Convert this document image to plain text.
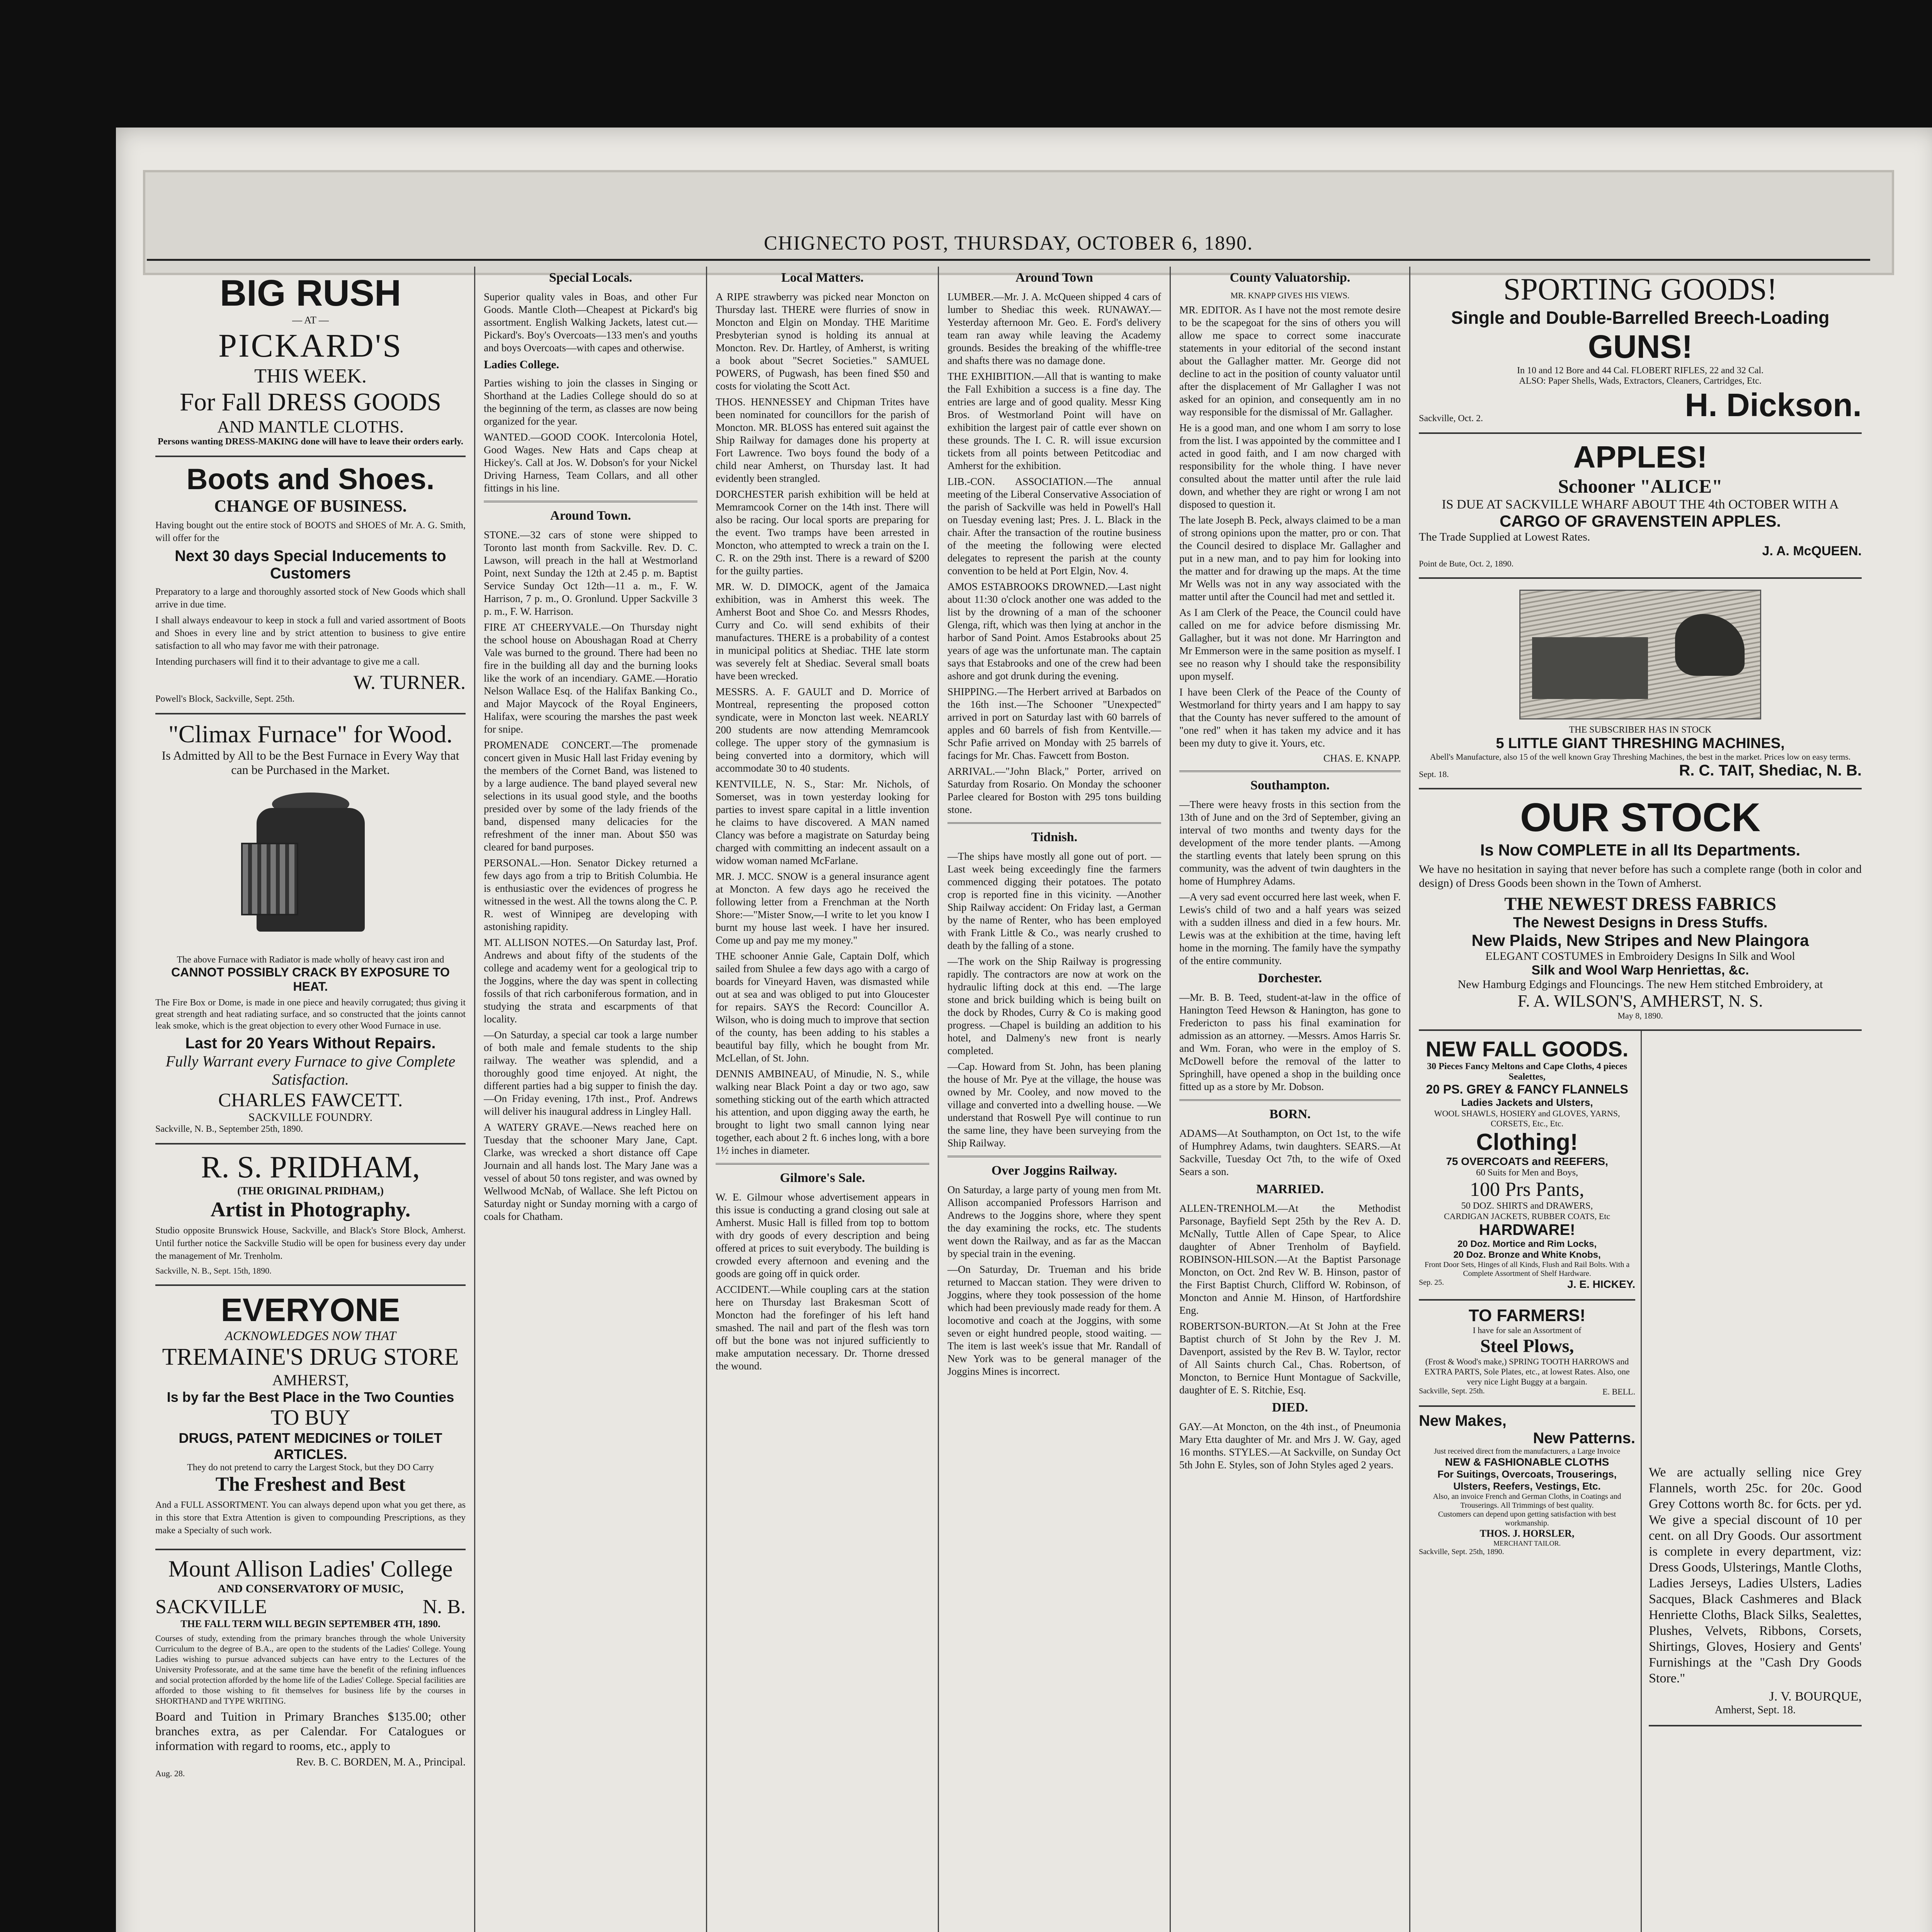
CHIGNECTO POST, THURSDAY, OCTOBER 6, 1890.
BIG RUSH
— AT —
PICKARD'S
THIS WEEK.
For Fall DRESS GOODS
AND MANTLE CLOTHS.
Persons wanting DRESS-MAKING done will have to leave their orders early.
Boots and Shoes.
CHANGE OF BUSINESS.
Having bought out the entire stock of BOOTS and SHOES of Mr. A. G. Smith, will offer for the
Next 30 days Special Inducements to Customers
Preparatory to a large and thoroughly assorted stock of New Goods which shall arrive in due time.
I shall always endeavour to keep in stock a full and varied assortment of Boots and Shoes in every line and by strict attention to business to give entire satisfaction to all who may favor me with their patronage.
Intending purchasers will find it to their advantage to give me a call.
W. TURNER.
Powell's Block, Sackville, Sept. 25th.
"Climax Furnace" for Wood.
Is Admitted by All to be the Best Furnace in Every Way that can be Purchased in the Market.
The above Furnace with Radiator is made wholly of heavy cast iron and
CANNOT POSSIBLY CRACK BY EXPOSURE TO HEAT.
The Fire Box or Dome, is made in one piece and heavily corrugated; thus giving it great strength and heat radiating surface, and so constructed that the joints cannot leak smoke, which is the great objection to every other Wood Furnace in use.
Last for 20 Years Without Repairs.
Fully Warrant every Furnace to give Complete Satisfaction.
CHARLES FAWCETT.
SACKVILLE FOUNDRY.
Sackville, N. B., September 25th, 1890.
R. S. PRIDHAM,
(THE ORIGINAL PRIDHAM,)
Artist in Photography.
Studio opposite Brunswick House, Sackville, and Black's Store Block, Amherst. Until further notice the Sackville Studio will be open for business every day under the management of Mr. Trenholm.
Sackville, N. B., Sept. 15th, 1890.
EVERYONE
ACKNOWLEDGES NOW THAT
TREMAINE'S DRUG STORE
AMHERST,
Is by far the Best Place in the Two Counties
TO BUY
DRUGS, PATENT MEDICINES or TOILET ARTICLES.
They do not pretend to carry the Largest Stock, but they DO Carry
The Freshest and Best
And a FULL ASSORTMENT. You can always depend upon what you get there, as in this store that Extra Attention is given to compounding Prescriptions, as they make a Specialty of such work.
Mount Allison Ladies' College
AND CONSERVATORY OF MUSIC,
SACKVILLE	N. B.
THE FALL TERM WILL BEGIN SEPTEMBER 4TH, 1890.
Courses of study, extending from the primary branches through the whole University Curriculum to the degree of B.A., are open to the students of the Ladies' College. Young Ladies wishing to pursue advanced subjects can have entry to the Lectures of the University Professorate, and at the same time have the benefit of the refining influences and social protection afforded by the home life of the Ladies' College. Special facilities are afforded to those wishing to fit themselves for business life by the courses in SHORTHAND and TYPE WRITING.
Board and Tuition in Primary Branches $135.00; other branches extra, as per Calendar. For Catalogues or information with regard to rooms, etc., apply to
Rev. B. C. BORDEN, M. A., Principal.
Aug. 28.
Special Locals.
Superior quality vales in Boas, and other Fur Goods. Mantle Cloth—Cheapest at Pickard's big assortment. English Walking Jackets, latest cut.—Pickard's. Boy's Overcoats—133 men's and youths and boys Overcoats—with capes and otherwise.
Ladies College.
Parties wishing to join the classes in Singing or Shorthand at the Ladies College should do so at the beginning of the term, as classes are now being organized for the year.
WANTED.—GOOD COOK. Intercolonia Hotel, Good Wages. New Hats and Caps cheap at Hickey's. Call at Jos. W. Dobson's for your Nickel Driving Harness, Team Collars, and all other fittings in his line.
Around Town.
STONE.—32 cars of stone were shipped to Toronto last month from Sackville. Rev. D. C. Lawson, will preach in the hall at Westmorland Point, next Sunday the 12th at 2.45 p. m. Baptist Service Sunday Oct 12th—11 a. m., F. W. Harrison, 7 p. m., O. Gronlund. Upper Sackville 3 p. m., F. W. Harrison.
FIRE AT CHEERYVALE.—On Thursday night the school house on Aboushagan Road at Cherry Vale was burned to the ground. There had been no fire in the building all day and the burning looks like the work of an incendiary. GAME.—Horatio Nelson Wallace Esq. of the Halifax Banking Co., and Major Maycock of the Royal Engineers, Halifax, were scouring the marshes the past week for snipe.
PROMENADE CONCERT.—The promenade concert given in Music Hall last Friday evening by the members of the Cornet Band, was listened to by a large audience. The band played several new selections in its usual good style, and the booths presided over by some of the lady friends of the band, dispensed many delicacies for the refreshment of the inner man. About $50 was cleared for band purposes.
PERSONAL.—Hon. Senator Dickey returned a few days ago from a trip to British Columbia. He is enthusiastic over the evidences of progress he witnessed in the west. All the towns along the C. P. R. west of Winnipeg are developing with astonishing rapidity.
MT. ALLISON NOTES.—On Saturday last, Prof. Andrews and about fifty of the students of the college and academy went for a geological trip to the Joggins, where the day was spent in collecting fossils of that rich carboniferous formation, and in studying the strata and escarpments of that locality.
—On Saturday, a special car took a large number of both male and female students to the ship railway. The weather was splendid, and a thoroughly good time enjoyed. At night, the different parties had a big supper to finish the day. —On Friday evening, 17th inst., Prof. Andrews will deliver his inaugural address in Lingley Hall.
A WATERY GRAVE.—News reached here on Tuesday that the schooner Mary Jane, Capt. Clarke, was wrecked a short distance off Cape Journain and all hands lost. The Mary Jane was a vessel of about 50 tons register, and was owned by Wellwood McNab, of Wallace. She left Pictou on Saturday night or Sunday morning with a cargo of coals for Chatham.
Local Matters.
A RIPE strawberry was picked near Moncton on Thursday last. THERE were flurries of snow in Moncton and Elgin on Monday. THE Maritime Presbyterian synod is holding its annual at Moncton. Rev. Dr. Hartley, of Amherst, is writing a book about "Secret Societies." SAMUEL POWERS, of Pugwash, has been fined $50 and costs for violating the Scott Act.
THOS. HENNESSEY and Chipman Trites have been nominated for councillors for the parish of Moncton. MR. BLOSS has entered suit against the Ship Railway for damages done his property at Fort Lawrence. Two boys found the body of a child near Amherst, on Thursday last. It had evidently been strangled.
DORCHESTER parish exhibition will be held at Memramcook Corner on the 14th inst. There will also be racing. Our local sports are preparing for the event. Two tramps have been arrested in Moncton, who attempted to wreck a train on the I. C. R. on the 29th inst. There is a reward of $200 for the guilty parties.
MR. W. D. DIMOCK, agent of the Jamaica exhibition, was in Amherst this week. The Amherst Boot and Shoe Co. and Messrs Rhodes, Curry and Co. will send exhibits of their manufactures. THERE is a probability of a contest in municipal politics at Shediac. THE late storm was severely felt at Shediac. Several small boats have been wrecked.
MESSRS. A. F. GAULT and D. Morrice of Montreal, representing the proposed cotton syndicate, were in Moncton last week. NEARLY 200 students are now attending Memramcook college. The upper story of the gymnasium is being converted into a dormitory, which will accommodate 30 to 40 students.
KENTVILLE, N. S., Star: Mr. Nichols, of Somerset, was in town yesterday looking for parties to invest spare capital in a little invention he claims to have discovered. A MAN named Clancy was before a magistrate on Saturday being charged with committing an indecent assault on a widow woman named McFarlane.
MR. J. MCC. SNOW is a general insurance agent at Moncton. A few days ago he received the following letter from a Frenchman at the North Shore:—"Mister Snow,—I write to let you know I burnt my house last week. I have her insured. Come up and pay me my money."
THE schooner Annie Gale, Captain Dolf, which sailed from Shulee a few days ago with a cargo of boards for Vineyard Haven, was dismasted while out at sea and was obliged to put into Gloucester for repairs. SAYS the Record: Councillor A. Wilson, who is doing much to improve that section of the county, has been adding to his stables a beautiful bay filly, which he bought from Mr. McLellan, of St. John.
DENNIS AMBINEAU, of Minudie, N. S., while walking near Black Point a day or two ago, saw something sticking out of the earth which attracted his attention, and upon digging away the earth, he brought to light two small cannon lying near together, each about 2 ft. 6 inches long, with a bore 1½ inches in diameter.
Gilmore's Sale.
W. E. Gilmour whose advertisement appears in this issue is conducting a grand closing out sale at Amherst. Music Hall is filled from top to bottom with dry goods of every description and being offered at prices to suit everybody. The building is crowded every afternoon and evening and the goods are going off in quick order.
ACCIDENT.—While coupling cars at the station here on Thursday last Brakesman Scott of Moncton had the forefinger of his left hand smashed. The nail and part of the flesh was torn off but the bone was not injured sufficiently to make amputation necessary. Dr. Thorne dressed the wound.
Around Town
LUMBER.—Mr. J. A. McQueen shipped 4 cars of lumber to Shediac this week. RUNAWAY.—Yesterday afternoon Mr. Geo. E. Ford's delivery team ran away while leaving the Academy grounds. Besides the breaking of the whiffle-tree and shafts there was no damage done.
THE EXHIBITION.—All that is wanting to make the Fall Exhibition a success is a fine day. The entries are large and of good quality. Messr King Bros. of Westmorland Point will have on exhibition the largest pair of cattle ever shown on these grounds. The I. C. R. will issue excursion tickets from all points between Petitcodiac and Amherst for the exhibition.
LIB.-CON. ASSOCIATION.—The annual meeting of the Liberal Conservative Association of the parish of Sackville was held in Powell's Hall on Tuesday evening last; Pres. J. L. Black in the chair. After the transaction of the routine business of the meeting the following were elected delegates to represent the parish at the county convention to be held at Port Elgin, Nov. 4.
AMOS ESTABROOKS DROWNED.—Last night about 11:30 o'clock another one was added to the list by the drowning of a man of the schooner Glenga, rift, which was then lying at anchor in the harbor of Sand Point. Amos Estabrooks about 25 years of age was the unfortunate man. The captain says that Estabrooks and one of the crew had been ashore and got drunk during the evening.
SHIPPING.—The Herbert arrived at Barbados on the 16th inst.—The Schooner "Unexpected" arrived in port on Saturday last with 60 barrels of apples and 60 barrels of fish from Kentville.—Schr Pafie arrived on Monday with 25 barrels of facings for Mr. Chas. Fawcett from Boston.
ARRIVAL.—"John Black," Porter, arrived on Saturday from Rosario. On Monday the schooner Parlee cleared for Boston with 295 tons building stone.
Tidnish.
—The ships have mostly all gone out of port. —Last week being exceedingly fine the farmers commenced digging their potatoes. The potato crop is reported fine in this vicinity. —Another Ship Railway accident: On Friday last, a German by the name of Renter, who has been employed with Frank Little & Co., was nearly crushed to death by the falling of a stone.
—The work on the Ship Railway is progressing rapidly. The contractors are now at work on the hydraulic lifting dock at this end. —The large stone and brick building which is being built on the dock by Rhodes, Curry & Co is making good progress. —Chapel is building an addition to his hotel, and Dalmeny's new front is nearly completed.
—Cap. Howard from St. John, has been planing the house of Mr. Pye at the village, the house was owned by Mr. Cooley, and now moved to the village and converted into a dwelling house. —We understand that Roswell Pye will continue to run the same line, they have been surveying from the Ship Railway.
Over Joggins Railway.
On Saturday, a large party of young men from Mt. Allison accompanied Professors Harrison and Andrews to the Joggins shore, where they spent the day examining the rocks, etc. The students went down the Railway, and as far as the Maccan by special train in the evening.
—On Saturday, Dr. Trueman and his bride returned to Maccan station. They were driven to Joggins, where they took possession of the home which had been previously made ready for them. A locomotive and coach at the Joggins, with some seven or eight hundred people, stood waiting. —The item is last week's issue that Mr. Randall of New York was to be general manager of the Joggins Mines is incorrect.
County Valuatorship.
MR. KNAPP GIVES HIS VIEWS.
MR. EDITOR. As I have not the most remote desire to be the scapegoat for the sins of others you will allow me space to correct some inaccurate statements in your editorial of the second instant about the Gallagher matter. Mr. George did not decline to act in the position of county valuator until after the displacement of Mr Gallagher I was not asked for an opinion, and consequently am in no way responsible for the dismissal of Mr. Gallagher.
He is a good man, and one whom I am sorry to lose from the list. I was appointed by the committee and I acted in good faith, and I am now charged with responsibility for the whole thing. I have never consulted about the matter until after the rule laid down, and whether they are right or wrong I am not disposed to question it.
The late Joseph B. Peck, always claimed to be a man of strong opinions upon the matter, pro or con. That the Council desired to displace Mr. Gallagher and put in a new man, and to pay him for looking into the matter and for drawing up the maps. At the time Mr Wells was not in any way associated with the matter until after the Council had met and settled it.
As I am Clerk of the Peace, the Council could have called on me for advice before dismissing Mr. Gallagher, but it was not done. Mr Harrington and Mr Emmerson were in the same position as myself. I see no reason why I should take the responsibility upon myself.
I have been Clerk of the Peace of the County of Westmorland for thirty years and I am happy to say that the County has never suffered to the amount of "one red" when it has taken my advice and it has been my duty to give it. Yours, etc.
CHAS. E. KNAPP.
Southampton.
—There were heavy frosts in this section from the 13th of June and on the 3rd of September, giving an interval of two months and twenty days for the development of the more tender plants. —Among the startling events that lately been sprung on this community, was the advent of twin daughters in the home of Humphrey Adams.
—A very sad event occurred here last week, when F. Lewis's child of two and a half years was seized with a sudden illness and died in a few hours. Mr. Lewis was at the exhibition at the time, having left home in the morning. The family have the sympathy of the entire community.
Dorchester.
—Mr. B. B. Teed, student-at-law in the office of Hanington Teed Hewson & Hanington, has gone to Fredericton to pass his final examination for admission as an attorney. —Messrs. Amos Harris Sr. and Wm. Foran, who were in the employ of S. McDowell before the removal of the latter to Springhill, have opened a shop in the building once fitted up as a store by Mr. Dobson.
BORN.
ADAMS—At Southampton, on Oct 1st, to the wife of Humphrey Adams, twin daughters. SEARS.—At Sackville, Tuesday Oct 7th, to the wife of Oxed Sears a son.
MARRIED.
ALLEN-TRENHOLM.—At the Methodist Parsonage, Bayfield Sept 25th by the Rev A. D. McNally, Tuttle Allen of Cape Spear, to Alice daughter of Abner Trenholm of Bayfield. ROBINSON-HILSON.—At the Baptist Parsonage Moncton, on Oct. 2nd Rev W. B. Hinson, pastor of the First Baptist Church, Clifford W. Robinson, of Moncton and Annie M. Hinson, of Hartfordshire Eng.
ROBERTSON-BURTON.—At St John at the Free Baptist church of St John by the Rev J. M. Davenport, assisted by the Rev B. W. Taylor, rector of All Saints church Cal., Chas. Robertson, of Moncton, to Bernice Hunt Montague of Sackville, daughter of E. S. Ritchie, Esq.
DIED.
GAY.—At Moncton, on the 4th inst., of Pneumonia Mary Etta daughter of Mr. and Mrs J. W. Gay, aged 16 months. STYLES.—At Sackville, on Sunday Oct 5th John E. Styles, son of John Styles aged 2 years.
SPORTING GOODS!
Single and Double-Barrelled Breech-Loading
GUNS!
In 10 and 12 Bore and 44 Cal. FLOBERT RIFLES, 22 and 32 Cal.
ALSO: Paper Shells, Wads, Extractors, Cleaners, Cartridges, Etc.
Sackville, Oct. 2.	H. Dickson.
APPLES!
Schooner "ALICE"
IS DUE AT SACKVILLE WHARF ABOUT THE 4th OCTOBER WITH A
CARGO OF GRAVENSTEIN APPLES.
The Trade Supplied at Lowest Rates.
J. A. McQUEEN.
Point de Bute, Oct. 2, 1890.
THE SUBSCRIBER HAS IN STOCK
5 LITTLE GIANT THRESHING MACHINES,
Abell's Manufacture, also 15 of the well known Gray Threshing Machines, the best in the market. Prices low on easy terms.
Sept. 18.	R. C. TAIT, Shediac, N. B.
OUR STOCK
Is Now COMPLETE in all Its Departments.
We have no hesitation in saying that never before has such a complete range (both in color and design) of Dress Goods been shown in the Town of Amherst.
THE NEWEST DRESS FABRICS
The Newest Designs in Dress Stuffs.
New Plaids, New Stripes and New Plaingora
ELEGANT COSTUMES in Embroidery Designs In Silk and Wool
Silk and Wool Warp Henriettas, &c.
New Hamburg Edgings and Flouncings. The new Hem stitched Embroidery, at
F. A. WILSON'S, AMHERST, N. S.
May 8, 1890.
NEW FALL GOODS.
30 Pieces Fancy Meltons and Cape Cloths, 4 pieces Sealettes,
20 PS. GREY & FANCY FLANNELS
Ladies Jackets and Ulsters,
WOOL SHAWLS, HOSIERY and GLOVES, YARNS, CORSETS, Etc., Etc.
Clothing!
75 OVERCOATS and REEFERS,
60 Suits for Men and Boys,
100 Prs Pants,
50 DOZ. SHIRTS and DRAWERS,
CARDIGAN JACKETS, RUBBER COATS, Etc
HARDWARE!
20 Doz. Mortice and Rim Locks,
20 Doz. Bronze and White Knobs,
Front Door Sets, Hinges of all Kinds, Flush and Rail Bolts. With a Complete Assortment of Shelf Hardware.
Sep. 25.	J. E. HICKEY.
TO FARMERS!
I have for sale an Assortment of
Steel Plows,
(Frost & Wood's make,) SPRING TOOTH HARROWS and EXTRA PARTS, Sole Plates, etc., at lowest Rates. Also, one very nice Light Buggy at a bargain.
Sackville, Sept. 25th.	E. BELL.
New Makes,
New Patterns.
Just received direct from the manufacturers, a Large Invoice
NEW & FASHIONABLE CLOTHS
For Suitings, Overcoats, Trouserings, Ulsters, Reefers, Vestings, Etc.
Also, an invoice French and German Cloths, in Coatings and Trouserings. All Trimmings of best quality.
Customers can depend upon getting satisfaction with best workmanship.
THOS. J. HORSLER,
MERCHANT TAILOR.
Sackville, Sept. 25th, 1890.
We are actually selling nice Grey Flannels, worth 25c. for 20c. Good Grey Cottons worth 8c. for 6cts. per yd. We give a special discount of 10 per cent. on all Dry Goods. Our assortment is complete in every department, viz: Dress Goods, Ulsterings, Mantle Cloths, Ladies Jerseys, Ladies Ulsters, Ladies Sacques, Black Cashmeres and Black Henriette Cloths, Black Silks, Sealettes, Plushes, Velvets, Ribbons, Corsets, Shirtings, Gloves, Hosiery and Gents' Furnishings at the "Cash Dry Goods Store."
J. V. BOURQUE,
Amherst, Sept. 18.
